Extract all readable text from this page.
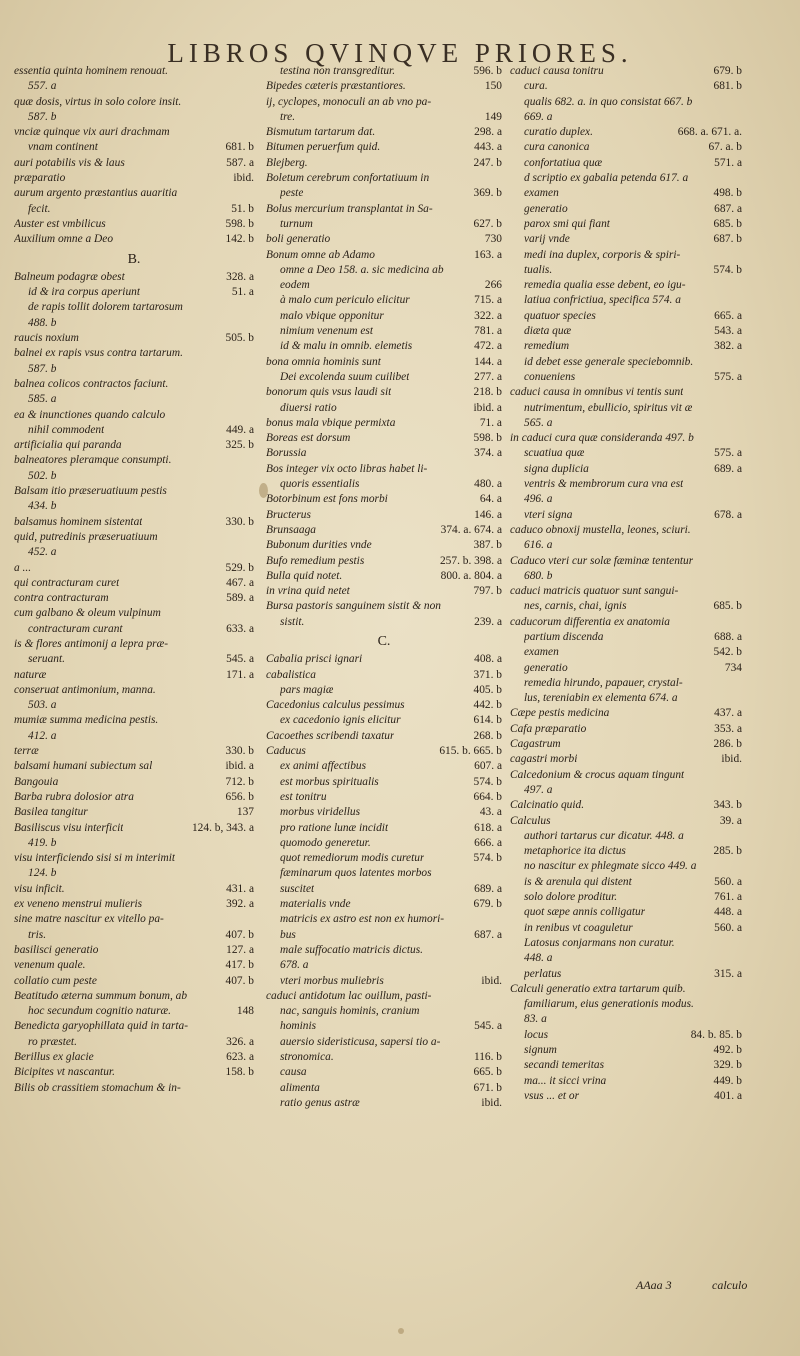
LIBROS QVINQVE PRIORES.
essentia quinta hominem renouat.
557. a
quæ dosis, virtus in solo colore insit.
587. b
vnciæ quinque vix auri drachmam
vnam continent	681. b
auri potabilis vis & laus	587. a
præparatio	ibid.
aurum argento præstantius auaritia
fecit.	51. b
Auster est vmbilicus	598. b
Auxilium omne a Deo	142. b
B.
Balneum podagræ obest	328. a
id & ira corpus aperiunt	51. a
de rapis tollit dolorem tartarosum
488. b
raucis noxium	505. b
balnei ex rapis vsus contra tartarum.
587. b
balnea colicos contractos faciunt.
585. a
ea & inunctiones quando calculo
nihil commodent	449. a
artificialia qui paranda	325. b
balneatores pleramque consumpti.
502. b
Balsam itio præseruatiuum pestis
434. b
balsamus hominem sistentat	330. b
quid, putredinis præseruatiuum
452. a
a ...	529. b
qui contracturam curet	467. a
contra contracturam	589. a
cum galbano & oleum vulpinum
contracturam curant	633. a
is & flores antimonij a lepra præ-
seruant.	545. a
naturæ	171. a
conseruat antimonium, manna.
503. a
mumiæ summa medicina pestis.
412. a
terræ	330. b
balsami humani subiectum sal	ibid. a
Bangouia	712. b
Barba rubra dolosior atra	656. b
Basilea tangitur	137
Basiliscus visu interficit	124. b, 343. a
419. b
visu interficiendo sisi si m interimit
124. b
visu inficit.	431. a
ex veneno menstrui mulieris	392. a
sine matre nascitur ex vitello pa-
tris.	407. b
basilisci generatio	127. a
venenum quale.	417. b
collatio cum peste	407. b
Beatitudo æterna summum bonum, ab
hoc secundum cognitio naturæ.	148
Benedicta garyophillata quid in tarta-
ro præstet.	326. a
Berillus ex glacie	623. a
Bicipites vt nascantur.	158. b
Bilis ob crassitiem stomachum & in-
testina non transgreditur.	596. b
Bipedes cæteris præstantiores.	150
ij, cyclopes, monoculi an ab vno pa-
tre.	149
Bismutum tartarum dat.	298. a
Bitumen peruerfum quid.	443. a
Blejberg.	247. b
Boletum cerebrum confortatiuum in
peste	369. b
Bolus mercurium transplantat in Sa-
turnum	627. b
boli generatio	730
Bonum omne ab Adamo	163. a
omne a Deo 158. a. sic medicina ab
eodem	266
à malo cum periculo elicitur	715. a
malo vbique opponitur	322. a
nimium venenum est	781. a
id & malu in omnib. elemetis	472. a
bona omnia hominis sunt	144. a
Dei excolenda suum cuilibet	277. a
bonorum quis vsus laudi sit	218. b
diuersi ratio	ibid. a
bonus mala vbique permixta	71. a
Boreas est dorsum	598. b
Borussia	374. a
Bos integer vix octo libras habet li-
quoris essentialis	480. a
Botorbinum est fons morbi	64. a
Bructerus	146. a
Brunsaaga	374. a. 674. a
Bubonum durities vnde	387. b
Bufo remedium pestis	257. b. 398. a
Bulla quid notet.	800. a. 804. a
in vrina quid netet	797. b
Bursa pastoris sanguinem sistit & non
sistit.	239. a
C.
Cabalia prisci ignari	408. a
cabalistica	371. b
pars magiæ	405. b
Cacedonius calculus pessimus	442. b
ex cacedonio ignis elicitur	614. b
Cacoethes scribendi taxatur	268. b
Caducus	615. b. 665. b
ex animi affectibus	607. a
est morbus spiritualis	574. b
est tonitru	664. b
morbus viridellus	43. a
pro ratione lunæ incidit	618. a
quomodo generetur.	666. a
quot remediorum modis curetur	574. b
fæminarum quos latentes morbos
suscitet	689. a
materialis vnde	679. b
matricis ex astro est non ex humori-
bus	687. a
male suffocatio matricis dictus.
678. a
vteri morbus muliebris	ibid.
caduci antidotum lac ouillum, pasti-
nac, sanguis hominis, cranium
hominis	545. a
auersio sideristicusa, sapersi tio a-
stronomica.	116. b
causa	665. b
alimenta	671. b
ratio genus astræ	ibid.
caduci causa tonitru	679. b
cura.	681. b
qualis 682. a. in quo consistat 667. b
669. a
curatio duplex.	668. a. 671. a.
cura canonica	67. a. b
confortatiua quæ	571. a
d scriptio ex gabalia petenda 617. a
examen	498. b
generatio	687. a
parox smi qui fiant	685. b
varij vnde	687. b
medi ina duplex, corporis & spiri-
tualis.	574. b
remedia qualia esse debent, eo igu-
latiua confrictiua, specifica 574. a
quatuor species	665. a
diæta quæ	543. a
remedium	382. a
id debet esse generale speciebomnib.
conueniens	575. a
caduci causa in omnibus vi tentis sunt
nutrimentum, ebullicio, spiritus vit æ
565. a
in caduci cura quæ consideranda 497. b
scuatiua quæ	575. a
signa duplicia	689. a
ventris & membrorum cura vna est
496. a
vteri signa	678. a
caduco obnoxij mustella, leones, sciuri.
616. a
Caduco vteri cur solæ fæminæ tententur
680. b
caduci matricis quatuor sunt sangui-
nes, carnis, chai, ignis	685. b
caducorum differentia ex anatomia
partium discenda	688. a
examen	542. b
generatio	734
remedia hirundo, papauer, crystal-
lus, tereniabin ex elementa 674. a
Cæpe pestis medicina	437. a
Cafa præparatio	353. a
Cagastrum	286. b
cagastri morbi	ibid.
Calcedonium & crocus aquam tingunt
497. a
Calcinatio quid.	343. b
Calculus	39. a
authori tartarus cur dicatur. 448. a
metaphorice ita dictus	285. b
no nascitur ex phlegmate sicco 449. a
is & arenula qui distent	560. a
solo dolore proditur.	761. a
quot sæpe annis colligatur	448. a
in renibus vt coaguletur	560. a
Latosus conjarmans non curatur.
448. a
perlatus	315. a
Calculi generatio extra tartarum quib.
familiarum, eius generationis modus.
83. a
locus	84. b. 85. b
signum	492. b
secandi temeritas	329. b
ma... it sicci vrina	449. b
vsus ... et or	401. a
AAaa 3	calculo
